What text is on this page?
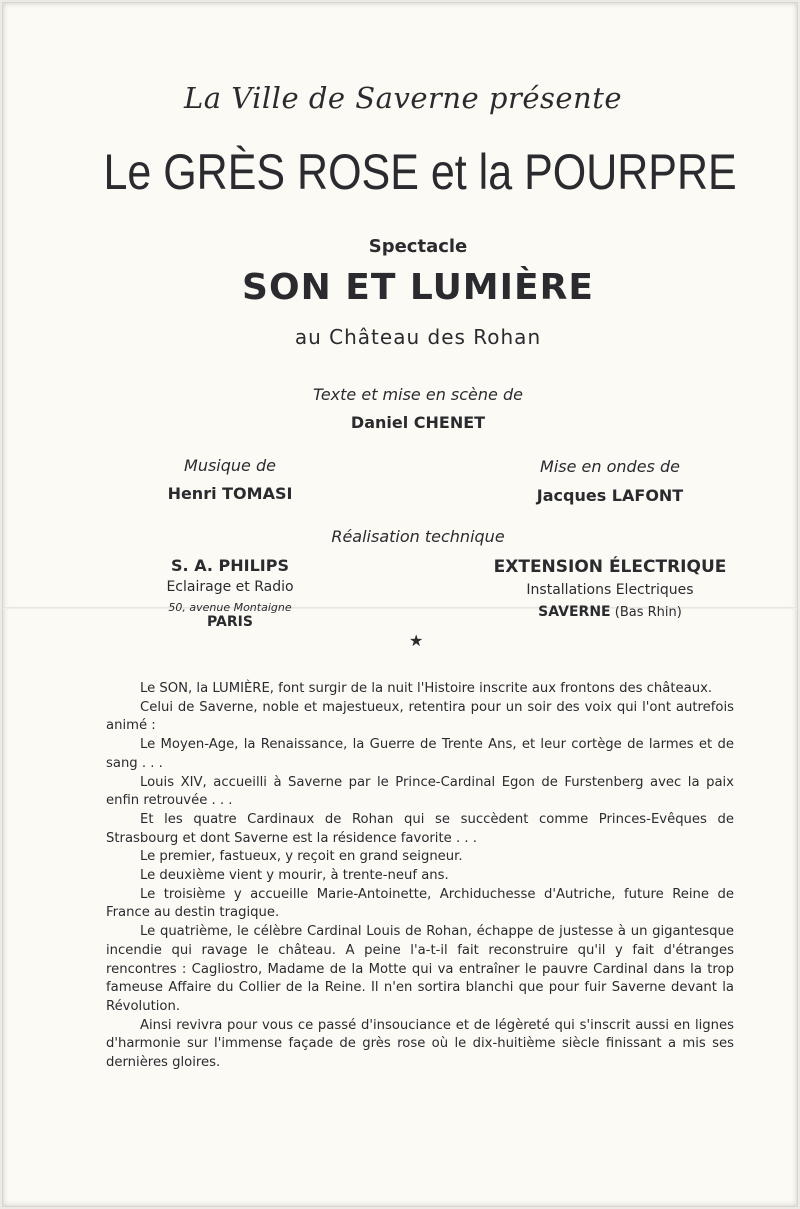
La Ville de Saverne présente
Le GRÈS ROSE et la POURPRE
Spectacle
SON ET LUMIÈRE
au Château des Rohan
Texte et mise en scène de
Daniel CHENET
Musique de
Henri TOMASI
Mise en ondes de
Jacques LAFONT
Réalisation technique
S. A. PHILIPS
Eclairage et Radio
50, avenue Montaigne
PARIS
EXTENSION ÉLECTRIQUE
Installations Electriques
SAVERNE (Bas Rhin)
★

Le SON, la LUMIÈRE, font surgir de la nuit l'Histoire inscrite aux frontons des châteaux.

Celui de Saverne, noble et majestueux, retentira pour un soir des voix qui l'ont autrefois animé :

Le Moyen-Age, la Renaissance, la Guerre de Trente Ans, et leur cortège de larmes et de sang . . .

Louis XIV, accueilli à Saverne par le Prince-Cardinal Egon de Furstenberg avec la paix enfin retrouvée . . .

Et les quatre Cardinaux de Rohan qui se succèdent comme Princes-Evêques de Strasbourg et dont Saverne est la résidence favorite . . .

Le premier, fastueux, y reçoit en grand seigneur.

Le deuxième vient y mourir, à trente-neuf ans.

Le troisième y accueille Marie-Antoinette, Archiduchesse d'Autriche, future Reine de France au destin tragique.

Le quatrième, le célèbre Cardinal Louis de Rohan, échappe de justesse à un gigantesque incendie qui ravage le château. A peine l'a-t-il fait reconstruire qu'il y fait d'étranges rencontres : Cagliostro, Madame de la Motte qui va entraîner le pauvre Cardinal dans la trop fameuse Affaire du Collier de la Reine. Il n'en sortira blanchi que pour fuir Saverne devant la Révolution.

Ainsi revivra pour vous ce passé d'insouciance et de légèreté qui s'inscrit aussi en lignes d'harmonie sur l'immense façade de grès rose où le dix-huitième siècle finissant a mis ses dernières gloires.
